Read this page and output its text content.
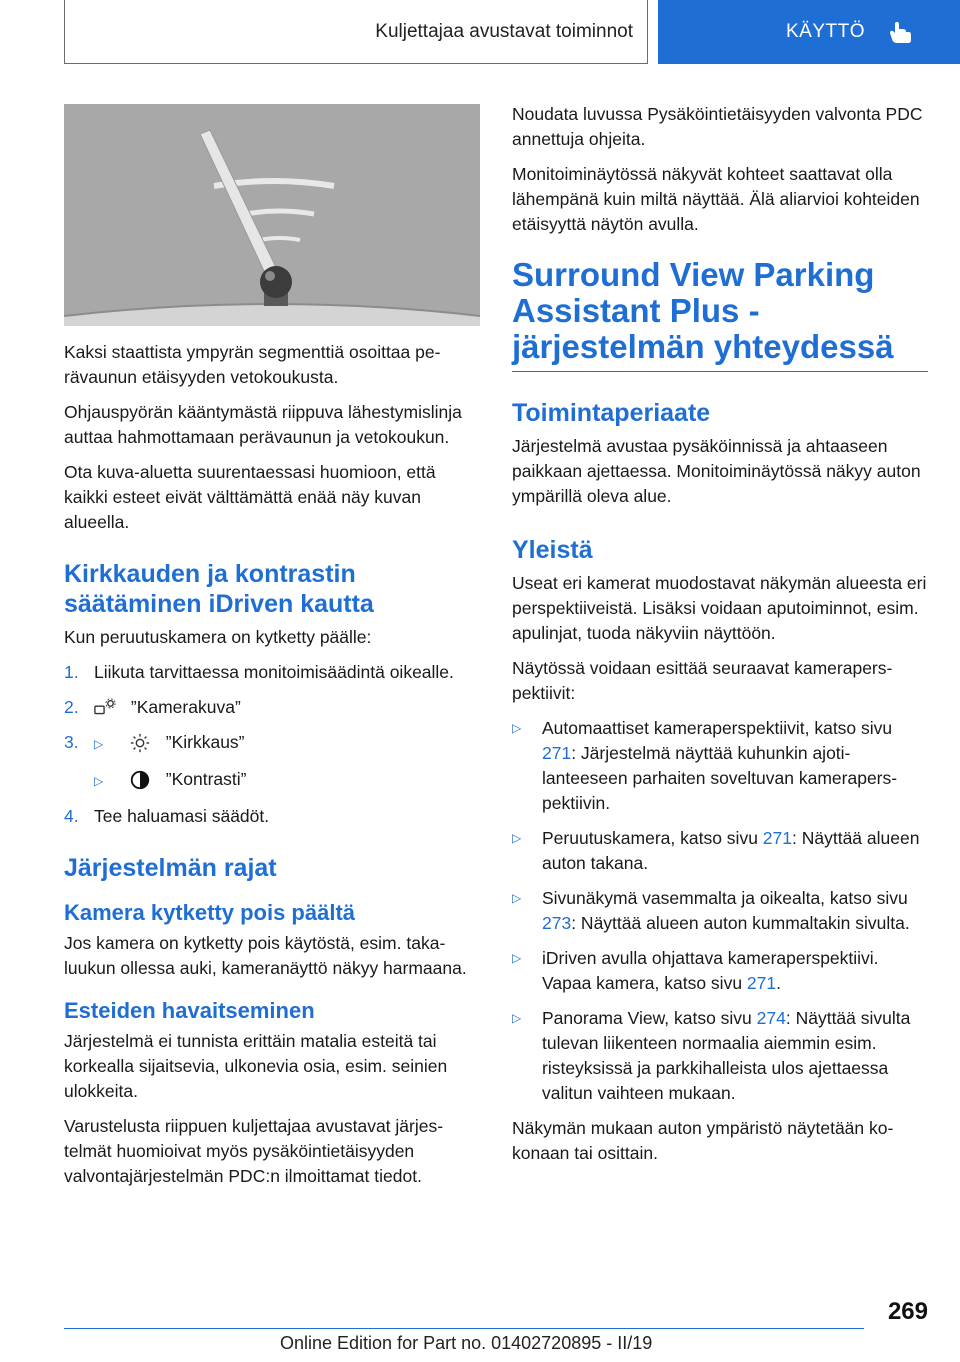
Kuljettajaa avustavat toiminnot	KÄYTTÖ

Kaksi staattista ympyrän segmenttiä osoittaa perävaunun etäisyyden vetokoukusta.

Ohjauspyörän kääntymästä riippuva lähestymislinja auttaa hahmottamaan perävaunun ja vetokoukun.

Ota kuva-aluetta suurentaessasi huomioon, että kaikki esteet eivät välttämättä enää näy kuvan alueella.

Kirkkauden ja kontrastin säätäminen iDriven kautta

Kun peruutuskamera on kytketty päälle:

1. Liikuta tarvittaessa monitoimisäädintä oikealle.
2.	”Kamerakuva”
3. ▷	”Kirkkaus”
▷	”Kontrasti”
4. Tee haluamasi säädöt.
Järjestelmän rajat
Kamera kytketty pois päältä

Jos kamera on kytketty pois käytöstä, esim. takaluukun ollessa auki, kameranäyttö näkyy harmaana.

Esteiden havaitseminen

Järjestelmä ei tunnista erittäin matalia esteitä tai korkealla sijaitsevia, ulkonevia osia, esim. seinien ulokkeita.

Varustelusta riippuen kuljettajaa avustavat järjestelmät huomioivat myös pysäköintietäisyyden valvontajärjestelmän PDC:n ilmoittamat tiedot.

Noudata luvussa Pysäköintietäisyyden valvonta PDC annettuja ohjeita.

Monitoiminäytössä näkyvät kohteet saattavat olla lähempänä kuin miltä näyttää. Älä aliarvioi kohteiden etäisyyttä näytön avulla.

Surround View Parking Assistant Plus -järjestelmän yhteydessä
Toimintaperiaate

Järjestelmä avustaa pysäköinnissä ja ahtaaseen paikkaan ajettaessa. Monitoiminäytössä näkyy auton ympärillä oleva alue.

Yleistä

Useat eri kamerat muodostavat näkymän alueesta eri perspektiiveistä. Lisäksi voidaan aputoiminnot, esim. apulinjat, tuoda näkyviin näyttöön.

Näytössä voidaan esittää seuraavat kameraperspektiivit:

▷	Automaattiset kameraperspektiivit, katso sivu 271: Järjestelmä näyttää kuhunkin ajotilanteeseen parhaiten soveltuvan kameraperspektiivin.
▷	Peruutuskamera, katso sivu 271: Näyttää alueen auton takana.
▷	Sivunäkymä vasemmalta ja oikealta, katso sivu 273: Näyttää alueen auton kummaltakin sivulta.
▷	iDriven avulla ohjattava kameraperspektiivi. Vapaa kamera, katso sivu 271.
▷	Panorama View, katso sivu 274: Näyttää sivulta tulevan liikenteen normaalia aiemmin esim. risteyksissä ja parkkihalleista ulos ajettaessa valitun vaihteen mukaan.

Näkymän mukaan auton ympäristö näytetään kokonaan tai osittain.

269
Online Edition for Part no. 01402720895 - II/19
